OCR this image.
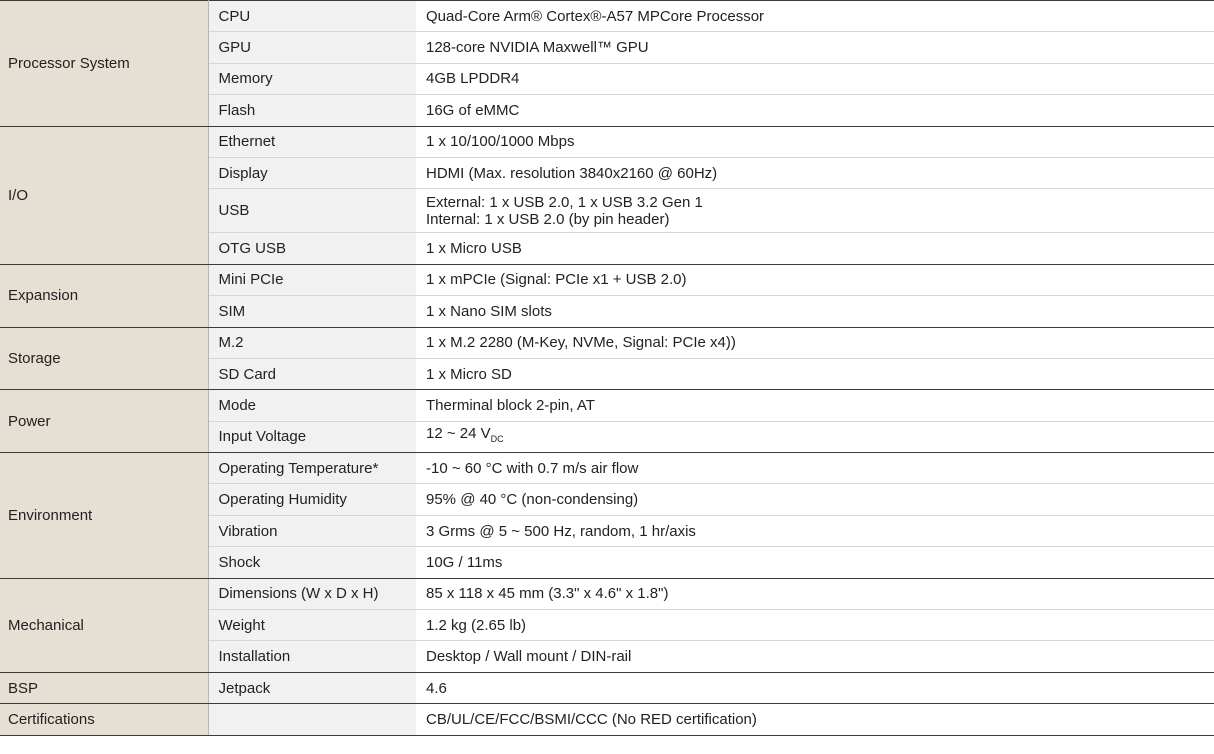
Processor System	CPU	Quad-Core Arm® Cortex®-A57 MPCore Processor
	GPU	128-core NVIDIA Maxwell™ GPU
	Memory	4GB LPDDR4
	Flash	16G of eMMC
I/O	Ethernet	1 x 10/100/1000 Mbps
	Display	HDMI (Max. resolution 3840x2160 @ 60Hz)
	USB	External: 1 x USB 2.0, 1 x USB 3.2 Gen 1
Internal: 1 x USB 2.0 (by pin header)

	OTG USB	1 x Micro USB
Expansion	Mini PCIe	1 x mPCIe (Signal: PCIe x1 + USB 2.0)
	SIM	1 x Nano SIM slots
Storage	M.2	1 x M.2 2280 (M-Key, NVMe, Signal: PCIe x4))
	SD Card	1 x Micro SD
Power	Mode	Therminal block 2-pin, AT
	Input Voltage	12 ~ 24 $V_{DC}$
Environment	Operating Temperature*	-10 ~ 60 °C with 0.7 m/s air flow
	Operating Humidity	95% @ 40 °C (non-condensing)
	Vibration	3 Grms @ 5 ~ 500 Hz, random, 1 hr/axis
	Shock	10G / 11ms
Mechanical	Dimensions (W x D x H)	85 x 118 x 45 mm (3.3" x 4.6" x 1.8")
	Weight	1.2 kg (2.65 lb)
	Installation	Desktop / Wall mount / DIN-rail
BSP	Jetpack	4.6
Certifications		CB/UL/CE/FCC/BSMI/CCC (No RED certification)
